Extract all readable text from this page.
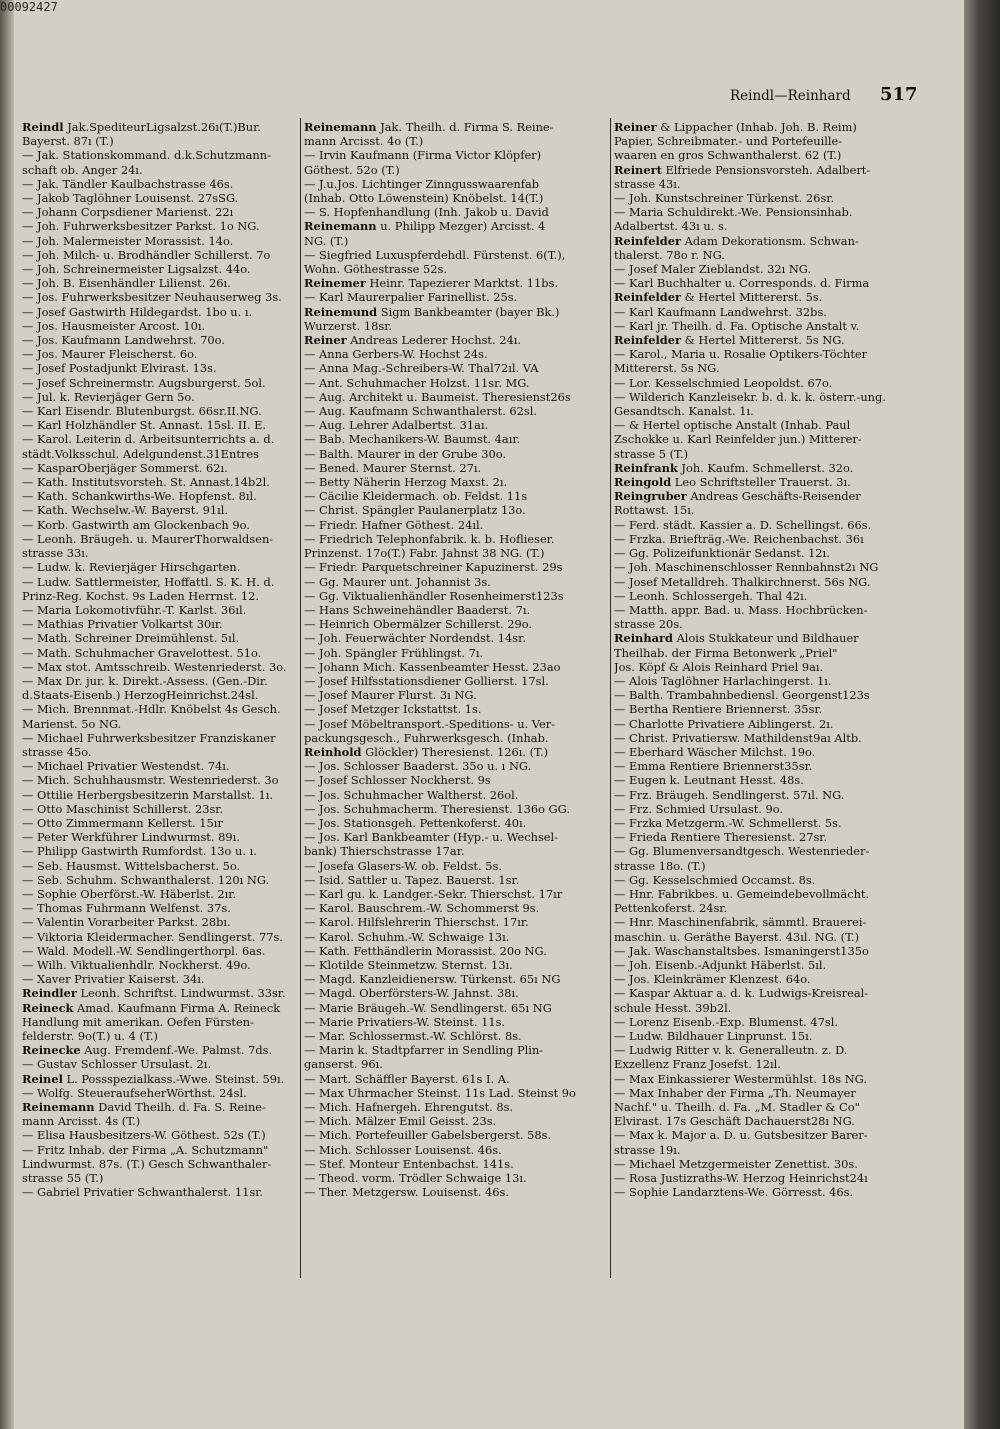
00092427
Reindl—Reinhard 517
Reindl Jak.SpediteurLigsalzst.26ı(T.)Bur.
Bayerst. 87ı (T.)
— Jak. Stationskommand. d.k.Schutzmann-
schaft ob. Anger 24ı.
— Jak. Tändler Kaulbachstrasse 46s.
— Jakob Taglöhner Louisenst. 27sSG.
— Johann Corpsdiener Marienst. 22ı
— Joh. Fuhrwerksbesitzer Parkst. 1o NG.
— Joh. Malermeister Morassist. 14o.
— Joh. Milch- u. Brodhändler Schillerst. 7o
— Joh. Schreinermeister Ligsalzst. 44o.
— Joh. B. Eisenhändler Lilienst. 26ı.
— Jos. Fuhrwerksbesitzer Neuhauserweg 3s.
— Josef Gastwirth Hildegardst. 1bo u. ı.
— Jos. Hausmeister Arcost. 10ı.
— Jos. Kaufmann Landwehrst. 70o.
— Jos. Maurer Fleischerst. 6o.
— Josef Postadjunkt Elvirast. 13s.
— Josef Schreinermstr. Augsburgerst. 5ol.
— Jul. k. Revierjäger Gern 5o.
— Karl Eisendr. Blutenburgst. 66sr.II.NG.
— Karl Holzhändler St. Annast. 15sl. II. E.
— Karol. Leiterin d. Arbeitsunterrichts a. d.
städt.Volksschul. Adelgundenst.31Entres
— KasparOberjäger Sommerst. 62ı.
— Kath. Institutsvorsteh. St. Annast.14b2l.
— Kath. Schankwirths-We. Hopfenst. 8ıl.
— Kath. Wechselw.-W. Bayerst. 91ıl.
— Korb. Gastwirth am Glockenbach 9o.
— Leonh. Bräugeh. u. MaurerThorwaldsen-
strasse 33ı.
— Ludw. k. Revierjäger Hirschgarten.
— Ludw. Sattlermeister, Hoffattl. S. K. H. d.
Prinz-Reg. Kochst. 9s Laden Herrnst. 12.
— Maria Lokomotivführ.-T. Karlst. 36ıl.
— Mathias Privatier Volkartst 30ır.
— Math. Schreiner Dreimühlenst. 5ıl.
— Math. Schuhmacher Gravelottest. 51o.
— Max stot. Amtsschreib. Westenriederst. 3o.
— Max Dr. jur. k. Direkt.-Assess. (Gen.-Dir.
d.Staats-Eisenb.) HerzogHeinrichst.24sl.
— Mich. Brennmat.-Hdlr. Knöbelst 4s Gesch.
Marienst. 5o NG.
— Michael Fuhrwerksbesitzer Franziskaner
strasse 45o.
— Michael Privatier Westendst. 74ı.
— Mich. Schuhhausmstr. Westenriederst. 3o
— Ottilie Herbergsbesitzerin Marstallst. 1ı.
— Otto Maschinist Schillerst. 23sr.
— Otto Zimmermann Kellerst. 15ır
— Peter Werkführer Lindwurmst. 89ı.
— Philipp Gastwirth Rumfordst. 13o u. ı.
— Seb. Hausmst. Wittelsbacherst. 5o.
— Seb. Schuhm. Schwanthalerst. 120ı NG.
— Sophie Oberförst.-W. Häberlst. 2ır.
— Thomas Fuhrmann Welfenst. 37s.
— Valentin Vorarbeiter Parkst. 28bı.
— Viktoria Kleidermacher. Sendlingerst. 77s.
— Wald. Modell.-W. Sendlingerthorpl. 6as.
— Wilh. Viktualienhdlr. Nockherst. 49o.
— Xaver Privatier Kaiserst. 34ı.
Reindler Leonh. Schriftst. Lindwurmst. 33sr.
Reineck Amad. Kaufmann Firma A. Reineck
Handlung mit amerikan. Oefen Fürsten-
felderstr. 9o(T.) u. 4 (T.)
Reinecke Aug. Fremdenf.-We. Palmst. 7ds.
— Gustav Schlosser Ursulast. 2ı.
Reinel L. Possspezialkass.-Wwe. Steinst. 59ı.
— Wolfg. SteueraufseherWörthst. 24sl.
Reinemann David Theilh. d. Fa. S. Reine-
mann Arcisst. 4s (T.)
— Elisa Hausbesitzers-W. Göthest. 52s (T.)
— Fritz Inhab. der Firma „A. Schutzmann"
Lindwurmst. 87s. (T.) Gesch Schwanthaler-
strasse 55 (T.)
— Gabriel Privatier Schwanthalerst. 11sr.
Reinemann Jak. Theilh. d. Firma S. Reine-
mann Arcisst. 4o (T.)
— Irvin Kaufmann (Firma Victor Klöpfer)
Göthest. 52o (T.)
— J.u.Jos. Lichtinger Zinngusswaarenfab
(Inhab. Otto Löwenstein) Knöbelst. 14(T.)
— S. Hopfenhandlung (Inh. Jakob u. David
Reinemann u. Philipp Mezger) Arcisst. 4
NG. (T.)
— Siegfried Luxuspferdehdl. Fürstenst. 6(T.),
Wohn. Göthestrasse 52s.
Reinemer Heinr. Tapezierer Marktst. 11bs.
— Karl Maurerpalier Farinellist. 25s.
Reinemund Sigm Bankbeamter (bayer Bk.)
Wurzerst. 18sr.
Reiner Andreas Lederer Hochst. 24ı.
— Anna Gerbers-W. Hochst 24s.
— Anna Mag.-Schreibers-W. Thal72ıl. VA
— Ant. Schuhmacher Holzst. 11sr. MG.
— Aug. Architekt u. Baumeist. Theresienst26s
— Aug. Kaufmann Schwanthalerst. 62sl.
— Aug. Lehrer Adalbertst. 31aı.
— Bab. Mechanikers-W. Baumst. 4aır.
— Balth. Maurer in der Grube 30o.
— Bened. Maurer Sternst. 27ı.
— Betty Näherin Herzog Maxst. 2ı.
— Cäcilie Kleidermach. ob. Feldst. 11s
— Christ. Spängler Paulanerplatz 13o.
— Friedr. Hafner Göthest. 24ıl.
— Friedrich Telephonfabrik. k. b. Hoflieser.
Prinzenst. 17o(T.) Fabr. Jahnst 38 NG. (T.)
— Friedr. Parquetschreiner Kapuzinerst. 29s
— Gg. Maurer unt. Johannist 3s.
— Gg. Viktualienhändler Rosenheimerst123s
— Hans Schweinehändler Baaderst. 7ı.
— Heinrich Obermälzer Schillerst. 29o.
— Joh. Feuerwächter Nordendst. 14sr.
— Joh. Spängler Frühlingst. 7ı.
— Johann Mich. Kassenbeamter Hesst. 23ao
— Josef Hilfsstationsdiener Gollierst. 17sl.
— Josef Maurer Flurst. 3ı NG.
— Josef Metzger Ickstattst. 1s.
— Josef Möbeltransport.-Speditions- u. Ver-
packungsgesch., Fuhrwerksgesch. (Inhab.
Reinhold Glöckler) Theresienst. 126ı. (T.)
— Jos. Schlosser Baaderst. 35o u. ı NG.
— Josef Schlosser Nockherst. 9s
— Jos. Schuhmacher Waltherst. 26ol.
— Jos. Schuhmacherm. Theresienst. 136o GG.
— Jos. Stationsgeh. Pettenkoferst. 40ı.
— Jos. Karl Bankbeamter (Hyp.- u. Wechsel-
bank) Thierschstrasse 17ar.
— Josefa Glasers-W. ob. Feldst. 5s.
— Isid. Sattler u. Tapez. Bauerst. 1sr.
— Karl gu. k. Landger.-Sekr. Thierschst. 17ır
— Karol. Bauschrem.-W. Schommerst 9s.
— Karol. Hilfslehrerin Thierschst. 17ır.
— Karol. Schuhm.-W. Schwaige 13ı.
— Kath. Fetthändlerin Morassist. 20o NG.
— Klotilde Steinmetzw. Sternst. 13ı.
— Magd. Kanzleidienersw. Türkenst. 65ı NG
— Magd. Oberförsters-W. Jahnst. 38ı.
— Marie Bräugeh.-W. Sendlingerst. 65ı NG
— Marie Privatiers-W. Steinst. 11s.
— Mar. Schlossermst.-W. Schlörst. 8s.
— Marin k. Stadtpfarrer in Sendling Plin-
ganserst. 96ı.
— Mart. Schäffler Bayerst. 61s I. A.
— Max Uhrmacher Steinst. 11s Lad. Steinst 9o
— Mich. Hafnergeh. Ehrengutst. 8s.
— Mich. Mälzer Emil Geisst. 23s.
— Mich. Portefeuiller Gabelsbergerst. 58s.
— Mich. Schlosser Louisenst. 46s.
— Stef. Monteur Entenbachst. 141s.
— Theod. vorm. Trödler Schwaige 13ı.
— Ther. Metzgersw. Louisenst. 46s.
Reiner & Lippacher (Inhab. Joh. B. Reim)
Papier, Schreibmater.- und Portefeuille-
waaren en gros Schwanthalerst. 62 (T.)
Reinert Elfriede Pensionsvorsteh. Adalbert-
strasse 43ı.
— Joh. Kunstschreiner Türkenst. 26sr.
— Maria Schuldirekt.-We. Pensionsinhab.
Adalbertst. 43ı u. s.
Reinfelder Adam Dekorationsm. Schwan-
thalerst. 78o r. NG.
— Josef Maler Zieblandst. 32ı NG.
— Karl Buchhalter u. Corresponds. d. Firma
Reinfelder & Hertel Mittererst. 5s.
— Karl Kaufmann Landwehrst. 32bs.
— Karl jr. Theilh. d. Fa. Optische Anstalt v.
Reinfelder & Hertel Mittererst. 5s NG.
— Karol., Maria u. Rosalie Optikers-Töchter
Mittererst. 5s NG.
— Lor. Kesselschmied Leopoldst. 67o.
— Wilderich Kanzleisekr. b. d. k. k. österr.-ung.
Gesandtsch. Kanalst. 1ı.
— & Hertel optische Anstalt (Inhab. Paul
Zschokke u. Karl Reinfelder jun.) Mitterer-
strasse 5 (T.)
Reinfrank Joh. Kaufm. Schmellerst. 32o.
Reingold Leo Schriftsteller Trauerst. 3ı.
Reingruber Andreas Geschäfts-Reisender
Rottawst. 15ı.
— Ferd. städt. Kassier a. D. Schellingst. 66s.
— Frzka. Briefträg.-We. Reichenbachst. 36ı
— Gg. Polizeifunktionär Sedanst. 12ı.
— Joh. Maschinenschlosser Rennbahnst2ı NG
— Josef Metalldreh. Thalkirchnerst. 56s NG.
— Leonh. Schlossergeh. Thal 42ı.
— Matth. appr. Bad. u. Mass. Hochbrücken-
strasse 20s.
Reinhard Alois Stukkateur und Bildhauer
Theilhab. der Firma Betonwerk „Priel"
Jos. Köpf & Alois Reinhard Priel 9aı.
— Alois Taglöhner Harlachingerst. 1ı.
— Balth. Trambahnbediensl. Georgenst123s
— Bertha Rentiere Briennerst. 35sr.
— Charlotte Privatiere Aiblingerst. 2ı.
— Christ. Privatiersw. Mathildenst9aı Altb.
— Eberhard Wäscher Milchst. 19o.
— Emma Rentiere Briennerst35sr.
— Eugen k. Leutnant Hesst. 48s.
— Frz. Bräugeh. Sendlingerst. 57ıl. NG.
— Frz. Schmied Ursulast. 9o.
— Frzka Metzgerm.-W. Schmellerst. 5s.
— Frieda Rentiere Theresienst. 27sr.
— Gg. Blumenversandtgesch. Westenrieder-
strasse 18o. (T.)
— Gg. Kesselschmied Occamst. 8s.
— Hnr. Fabrikbes. u. Gemeindebevollmächt.
Pettenkoferst. 24sr.
— Hnr. Maschinenfabrik, sämmtl. Brauerei-
maschin. u. Geräthe Bayerst. 43ıl. NG. (T.)
— Jak. Waschanstaltsbes. Ismaningerst135o
— Joh. Eisenb.-Adjunkt Häberlst. 5ıl.
— Jos. Kleinkrämer Klenzest. 64o.
— Kaspar Aktuar a. d. k. Ludwigs-Kreisreal-
schule Hesst. 39b2l.
— Lorenz Eisenb.-Exp. Blumenst. 47sl.
— Ludw. Bildhauer Linprunst. 15ı.
— Ludwig Ritter v. k. Generalleutn. z. D.
Exzellenz Franz Josefst. 12ıl.
— Max Einkassierer Westermühlst. 18s NG.
— Max Inhaber der Firma „Th. Neumayer
Nachf." u. Theilh. d. Fa. „M. Stadler & Co"
Elvirast. 17s Geschäft Dachauerst28ı NG.
— Max k. Major a. D. u. Gutsbesitzer Barer-
strasse 19ı.
— Michael Metzgermeister Zenettist. 30s.
— Rosa Justizraths-W. Herzog Heinrichst24ı
— Sophie Landarztens-We. Görresst. 46s.
